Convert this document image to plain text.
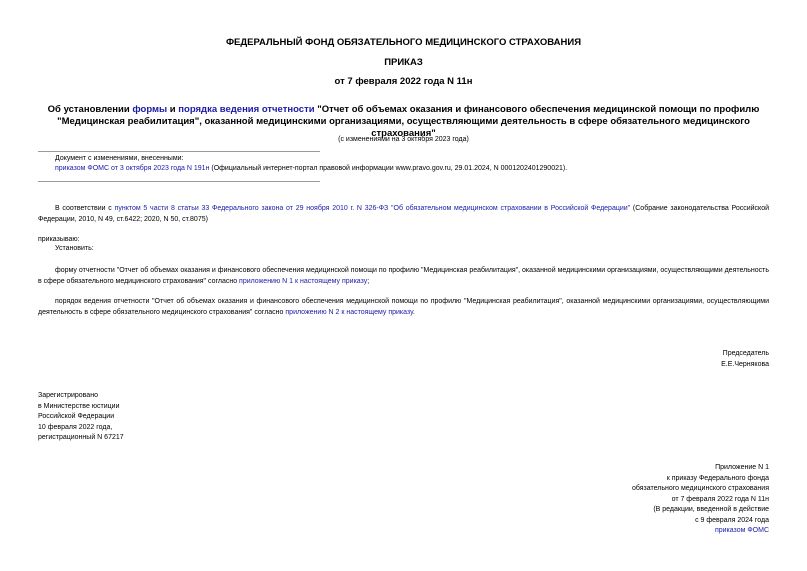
ФЕДЕРАЛЬНЫЙ ФОНД ОБЯЗАТЕЛЬНОГО МЕДИЦИНСКОГО СТРАХОВАНИЯ
ПРИКАЗ
от 7 февраля 2022 года N 11н
Об установлении формы и порядка ведения отчетности "Отчет об объемах оказания и финансового обеспечения медицинской помощи по профилю "Медицинская реабилитация", оказанной медицинскими организациями, осуществляющими деятельность в сфере обязательного медицинского страхования"
(с изменениями на 3 октября 2023 года)
Документ с изменениями, внесенными:
приказом ФОМС от 3 октября 2023 года N 191н (Официальный интернет-портал правовой информации www.pravo.gov.ru, 29.01.2024, N 0001202401290021).
В соответствии с пунктом 5 части 8 статьи 33 Федерального закона от 29 ноября 2010 г. N 326-ФЗ "Об обязательном медицинском страховании в Российской Федерации" (Собрание законодательства Российской Федерации, 2010, N 49, ст.6422; 2020, N 50, ст.8075)
приказываю:
Установить:
форму отчетности "Отчет об объемах оказания и финансового обеспечения медицинской помощи по профилю "Медицинская реабилитация", оказанной медицинскими организациями, осуществляющими деятельность в сфере обязательного медицинского страхования" согласно приложению N 1 к настоящему приказу;
порядок ведения отчетности "Отчет об объемах оказания и финансового обеспечения медицинской помощи по профилю "Медицинская реабилитация", оказанной медицинскими организациями, осуществляющими деятельность в сфере обязательного медицинского страхования" согласно приложению N 2 к настоящему приказу.
Председатель
Е.Е.Чернякова
Зарегистрировано
в Министерстве юстиции
Российской Федерации
10 февраля 2022 года,
регистрационный N 67217
Приложение N 1
к приказу Федерального фонда
обязательного медицинского страхования
от 7 февраля 2022 года N 11н
(В редакции, введенной в действие
с 9 февраля 2024 года
приказом ФОМС
